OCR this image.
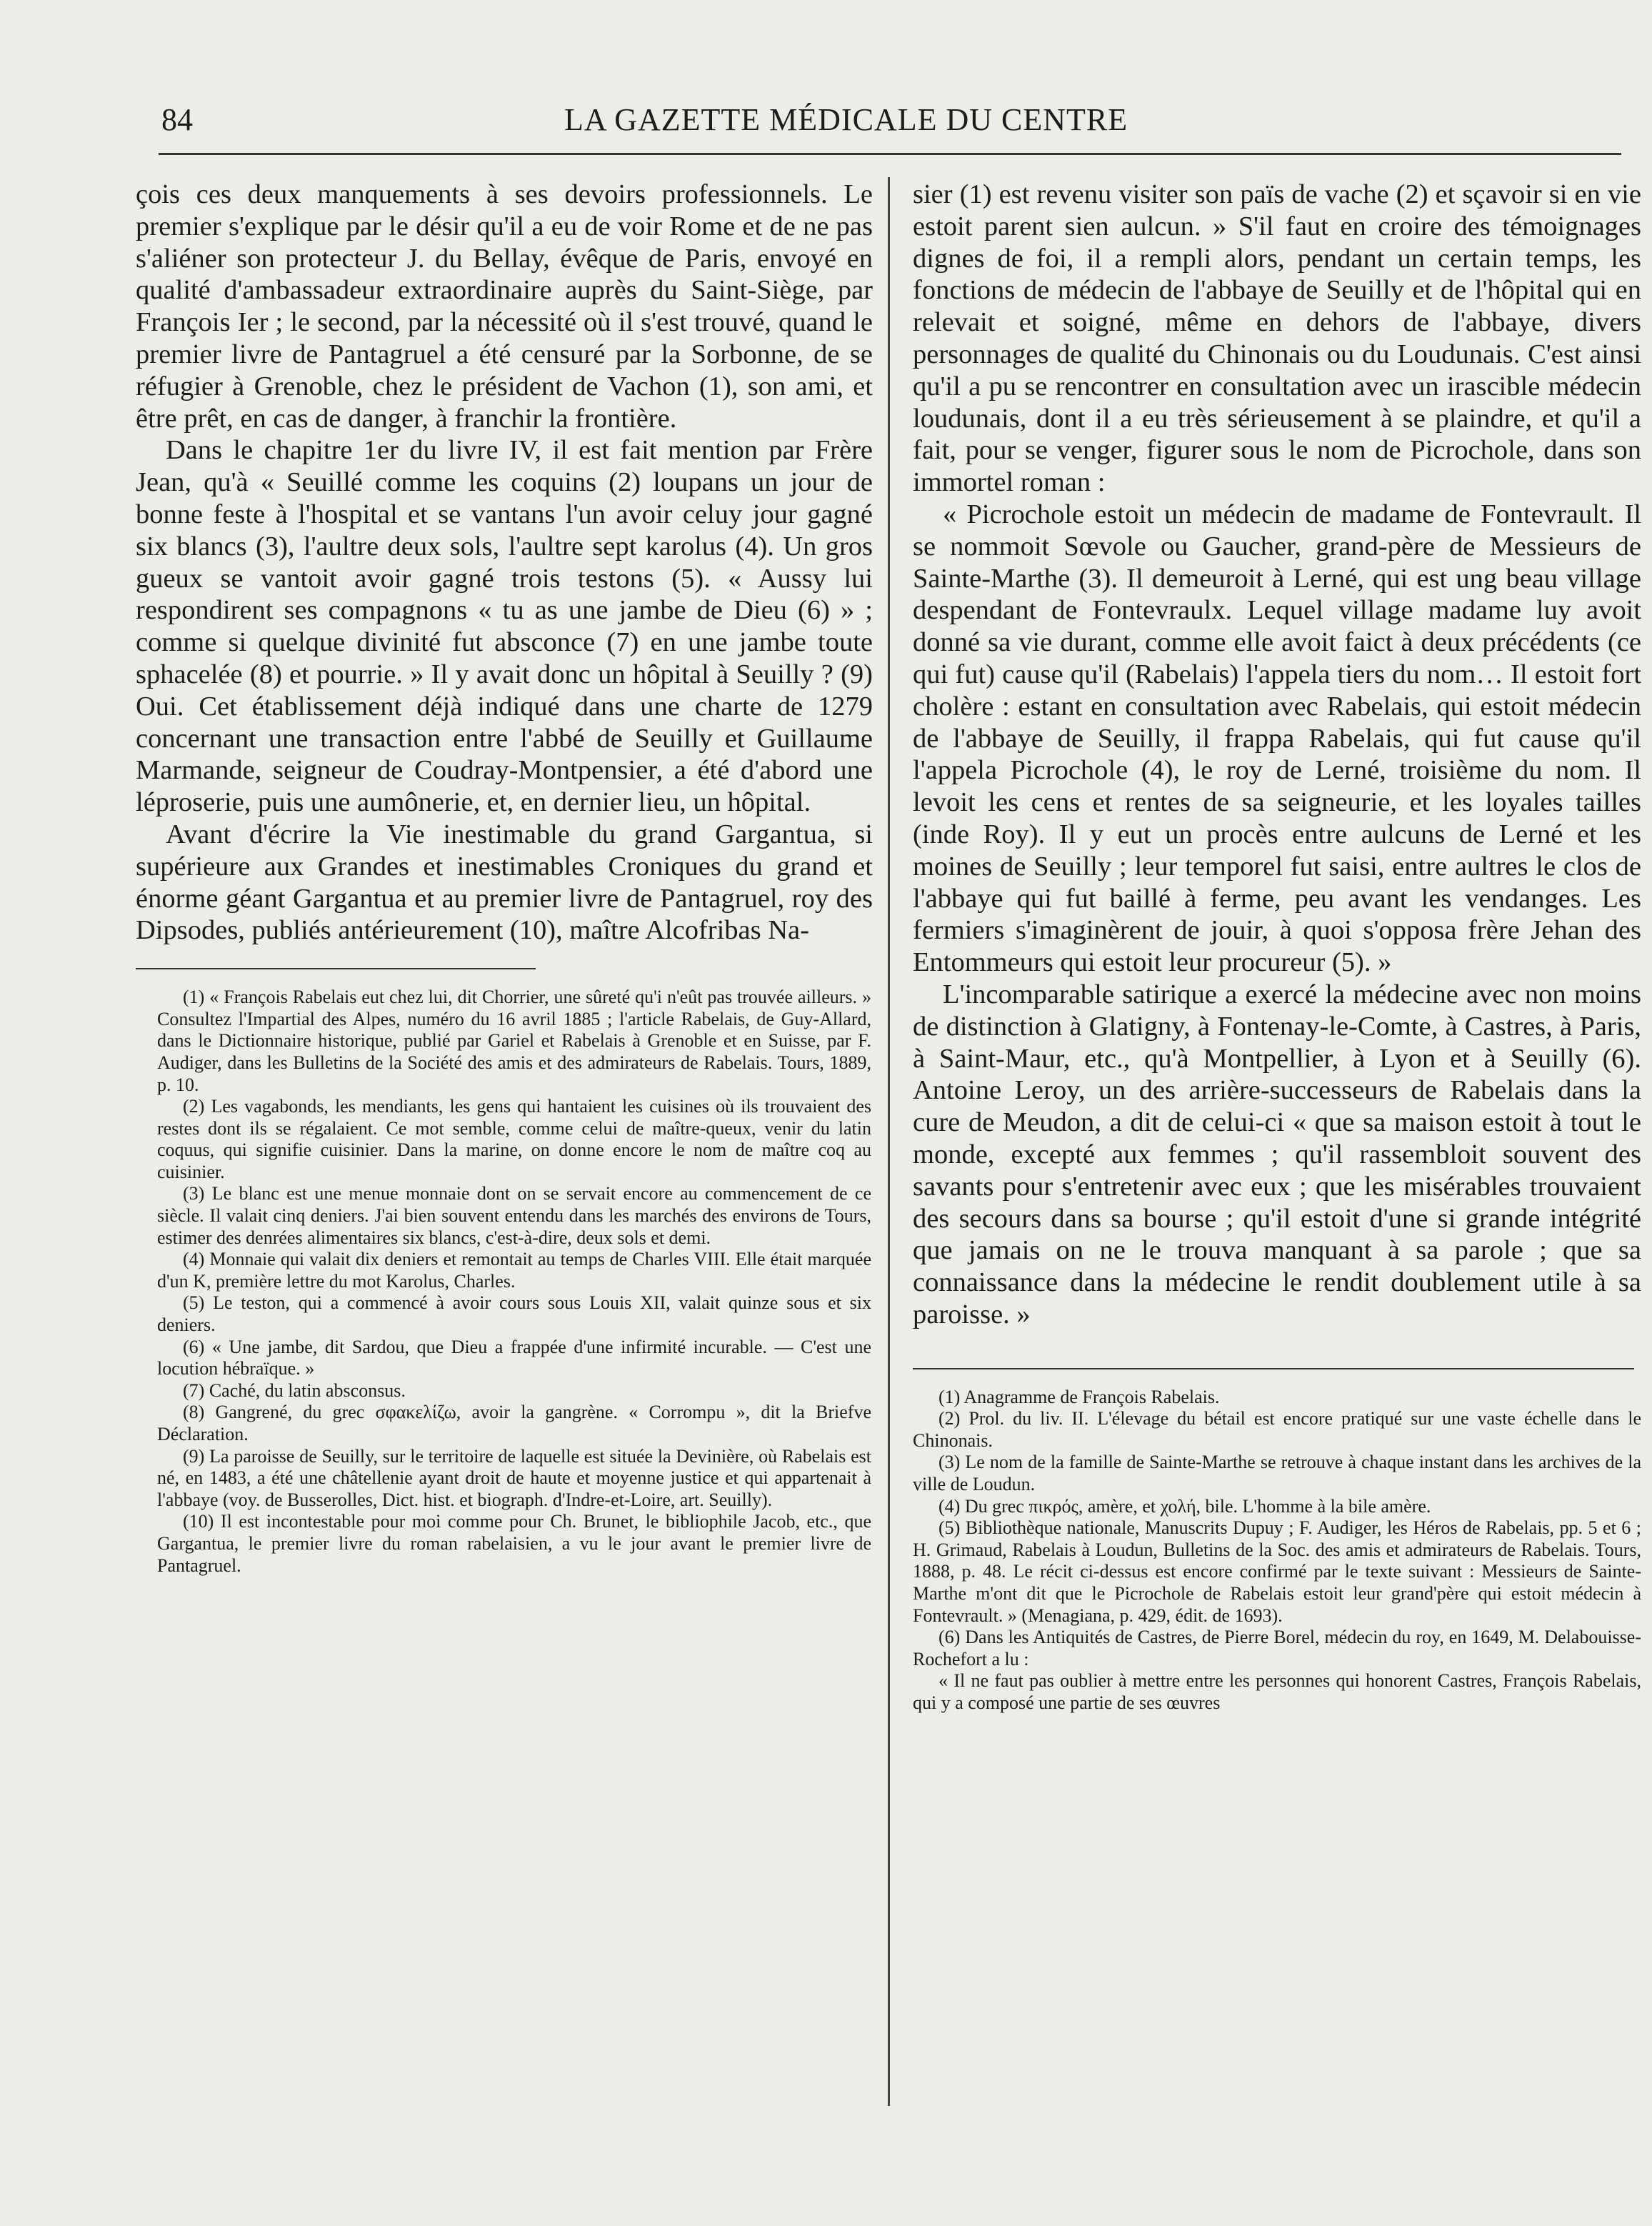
84	LA GAZETTE MÉDICALE DU CENTRE

çois ces deux manquements à ses devoirs professionnels. Le premier s'explique par le désir qu'il a eu de voir Rome et de ne pas s'aliéner son protecteur J. du Bellay, évêque de Paris, envoyé en qualité d'ambassadeur extraordinaire auprès du Saint-Siège, par François Ier ; le second, par la nécessité où il s'est trouvé, quand le premier livre de Pantagruel a été censuré par la Sorbonne, de se réfugier à Grenoble, chez le président de Vachon (1), son ami, et être prêt, en cas de danger, à franchir la frontière.

Dans le chapitre 1er du livre IV, il est fait mention par Frère Jean, qu'à « Seuillé comme les coquins (2) loupans un jour de bonne feste à l'hospital et se vantans l'un avoir celuy jour gagné six blancs (3), l'aultre deux sols, l'aultre sept karolus (4). Un gros gueux se vantoit avoir gagné trois testons (5). « Aussy lui respondirent ses compagnons « tu as une jambe de Dieu (6) » ; comme si quelque divinité fut absconce (7) en une jambe toute sphacelée (8) et pourrie. » Il y avait donc un hôpital à Seuilly ? (9) Oui. Cet établissement déjà indiqué dans une charte de 1279 concernant une transaction entre l'abbé de Seuilly et Guillaume Marmande, seigneur de Coudray-Montpensier, a été d'abord une léproserie, puis une aumônerie, et, en dernier lieu, un hôpital.

Avant d'écrire la Vie inestimable du grand Gargantua, si supérieure aux Grandes et inestimables Croniques du grand et énorme géant Gargantua et au premier livre de Pantagruel, roy des Dipsodes, publiés antérieurement (10), maître Alcofribas Na-

(1) « François Rabelais eut chez lui, dit Chorrier, une sûreté qu'i n'eût pas trouvée ailleurs. » Consultez l'Impartial des Alpes, numéro du 16 avril 1885 ; l'article Rabelais, de Guy-Allard, dans le Dictionnaire historique, publié par Gariel et Rabelais à Grenoble et en Suisse, par F. Audiger, dans les Bulletins de la Société des amis et des admirateurs de Rabelais. Tours, 1889, p. 10.

(2) Les vagabonds, les mendiants, les gens qui hantaient les cuisines où ils trouvaient des restes dont ils se régalaient. Ce mot semble, comme celui de maître-queux, venir du latin coquus, qui signifie cuisinier. Dans la marine, on donne encore le nom de maître coq au cuisinier.

(3) Le blanc est une menue monnaie dont on se servait encore au commencement de ce siècle. Il valait cinq deniers. J'ai bien souvent entendu dans les marchés des environs de Tours, estimer des denrées alimentaires six blancs, c'est-à-dire, deux sols et demi.

(4) Monnaie qui valait dix deniers et remontait au temps de Charles VIII. Elle était marquée d'un K, première lettre du mot Karolus, Charles.

(5) Le teston, qui a commencé à avoir cours sous Louis XII, valait quinze sous et six deniers.

(6) « Une jambe, dit Sardou, que Dieu a frappée d'une infirmité incurable. — C'est une locution hébraïque. »

(7) Caché, du latin absconsus.

(8) Gangrené, du grec σφακελίζω, avoir la gangrène. « Corrompu », dit la Briefve Déclaration.

(9) La paroisse de Seuilly, sur le territoire de laquelle est située la Devinière, où Rabelais est né, en 1483, a été une châtellenie ayant droit de haute et moyenne justice et qui appartenait à l'abbaye (voy. de Busserolles, Dict. hist. et biograph. d'Indre-et-Loire, art. Seuilly).

(10) Il est incontestable pour moi comme pour Ch. Brunet, le bibliophile Jacob, etc., que Gargantua, le premier livre du roman rabelaisien, a vu le jour avant le premier livre de Pantagruel.

sier (1) est revenu visiter son païs de vache (2) et sçavoir si en vie estoit parent sien aulcun. » S'il faut en croire des témoignages dignes de foi, il a rempli alors, pendant un certain temps, les fonctions de médecin de l'abbaye de Seuilly et de l'hôpital qui en relevait et soigné, même en dehors de l'abbaye, divers personnages de qualité du Chinonais ou du Loudunais. C'est ainsi qu'il a pu se rencontrer en consultation avec un irascible médecin loudunais, dont il a eu très sérieusement à se plaindre, et qu'il a fait, pour se venger, figurer sous le nom de Picrochole, dans son immortel roman :

« Picrochole estoit un médecin de madame de Fontevrault. Il se nommoit Sœvole ou Gaucher, grand-père de Messieurs de Sainte-Marthe (3). Il demeuroit à Lerné, qui est ung beau village despendant de Fontevraulx. Lequel village madame luy avoit donné sa vie durant, comme elle avoit faict à deux précédents (ce qui fut) cause qu'il (Rabelais) l'appela tiers du nom… Il estoit fort cholère : estant en consultation avec Rabelais, qui estoit médecin de l'abbaye de Seuilly, il frappa Rabelais, qui fut cause qu'il l'appela Picrochole (4), le roy de Lerné, troisième du nom. Il levoit les cens et rentes de sa seigneurie, et les loyales tailles (inde Roy). Il y eut un procès entre aulcuns de Lerné et les moines de Seuilly ; leur temporel fut saisi, entre aultres le clos de l'abbaye qui fut baillé à ferme, peu avant les vendanges. Les fermiers s'imaginèrent de jouir, à quoi s'opposa frère Jehan des Entommeurs qui estoit leur procureur (5). »

L'incomparable satirique a exercé la médecine avec non moins de distinction à Glatigny, à Fontenay-le-Comte, à Castres, à Paris, à Saint-Maur, etc., qu'à Montpellier, à Lyon et à Seuilly (6). Antoine Leroy, un des arrière-successeurs de Rabelais dans la cure de Meudon, a dit de celui-ci « que sa maison estoit à tout le monde, excepté aux femmes ; qu'il rassembloit souvent des savants pour s'entretenir avec eux ; que les misérables trouvaient des secours dans sa bourse ; qu'il estoit d'une si grande intégrité que jamais on ne le trouva manquant à sa parole ; que sa connaissance dans la médecine le rendit doublement utile à sa paroisse. »

(1) Anagramme de François Rabelais.

(2) Prol. du liv. II. L'élevage du bétail est encore pratiqué sur une vaste échelle dans le Chinonais.

(3) Le nom de la famille de Sainte-Marthe se retrouve à chaque instant dans les archives de la ville de Loudun.

(4) Du grec πικρός, amère, et χολή, bile. L'homme à la bile amère.

(5) Bibliothèque nationale, Manuscrits Dupuy ; F. Audiger, les Héros de Rabelais, pp. 5 et 6 ; H. Grimaud, Rabelais à Loudun, Bulletins de la Soc. des amis et admirateurs de Rabelais. Tours, 1888, p. 48. Le récit ci-dessus est encore confirmé par le texte suivant : Messieurs de Sainte-Marthe m'ont dit que le Picrochole de Rabelais estoit leur grand'père qui estoit médecin à Fontevrault. » (Menagiana, p. 429, édit. de 1693).

(6) Dans les Antiquités de Castres, de Pierre Borel, médecin du roy, en 1649, M. Delabouisse-Rochefort a lu :

« Il ne faut pas oublier à mettre entre les personnes qui honorent Castres, François Rabelais, qui y a composé une partie de ses œuvres
